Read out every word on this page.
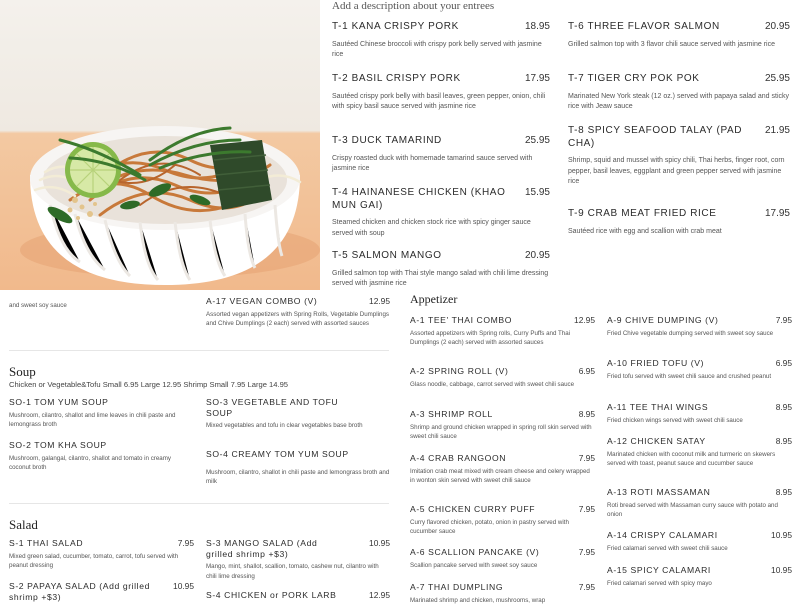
and sweet soy sauce	A-17 VEGAN COMBO (V)	12.95
Assorted vegan appetizers with Spring Rolls, Vegetable Dumplings and Chive Dumplings (2 each) served with assorted sauces
Soup
Chicken or Vegetable&Tofu Small 6.95 Large 12.95 Shrimp Small 7.95 Large 14.95
SO-1 TOM YUM SOUP
Mushroom, cilantro, shallot and lime leaves in chili paste and lemongrass broth
SO-3 VEGETABLE AND TOFU SOUP
Mixed vegetables and tofu in clear vegetables base broth
SO-2 TOM KHA SOUP
Mushroom, galangal, cilantro, shallot and tomato in creamy coconut broth
SO-4 CREAMY TOM YUM SOUP
Mushroom, cilantro, shallot in chili paste and lemongrass broth and milk
Salad
S-1 THAI SALAD	7.95
Mixed green salad, cucumber, tomato, carrot, tofu served with peanut dressing
S-3 MANGO SALAD (Add grilled shrimp +$3)
10.95
Mango, mint, shallot, scallion, tomato, cashew nut, cilantro with chili lime dressing
S-2 PAPAYA SALAD (Add grilled shrimp +$3)
10.95
S-4 CHICKEN or PORK LARB	12.95
Appetizer
A-1 TEE' THAI COMBO	12.95
Assorted appetizers with Spring rolls, Curry Puffs and Thai Dumplings (2 each) served with assorted sauces
A-2 SPRING ROLL (V)	6.95
Glass noodle, cabbage, carrot served with sweet chili sauce
A-3 SHRIMP ROLL	8.95
Shrimp and ground chicken wrapped in spring roll skin served with sweet chili sauce
A-4 CRAB RANGOON	7.95
Imitation crab meat mixed with cream cheese and celery wrapped in wonton skin served with sweet chili sauce
A-5 CHICKEN CURRY PUFF	7.95
Curry flavored chicken, potato, onion in pastry served with cucumber sauce
A-6 SCALLION PANCAKE (V)	7.95
Scallion pancake served with sweet soy sauce
A-7 THAI DUMPLING	7.95
Marinated shrimp and chicken, mushrooms, wrap
A-9 CHIVE DUMPING (V)	7.95
Fried Chive vegetable dumping served with sweet soy sauce
A-10 FRIED TOFU (V)	6.95
Fried tofu served with sweet chili sauce and crushed peanut
A-11 TEE THAI WINGS	8.95
Fried chicken wings served with sweet chili sauce
A-12 CHICKEN SATAY	8.95
Marinated chicken with coconut milk and turmeric on skewers served with toast, peanut sauce and cucumber sauce
A-13 ROTI MASSAMAN	8.95
Roti bread served with Massaman curry sauce with potato and onion
A-14 CRISPY CALAMARI	10.95
Fried calamari served with sweet chili sauce
A-15 SPICY CALAMARI	10.95
Fried calamari served with spicy mayo
Add a description about your entrees
T-1 KANA CRISPY PORK	18.95
Sautéed Chinese broccoli with crispy pork belly served with jasmine rice
T-2 BASIL CRISPY PORK	17.95
Sautéed crispy pork belly with basil leaves, green pepper, onion, chili with spicy basil sauce served with jasmine rice
T-3 DUCK TAMARIND	25.95
Crispy roasted duck with homemade tamarind sauce served with jasmine rice
T-4 HAINANESE CHICKEN (KHAO MUN GAI)
15.95
Steamed chicken and chicken stock rice with spicy ginger sauce served with soup
T-5 SALMON MANGO	20.95
Grilled salmon top with Thai style mango salad with chili lime dressing served with jasmine rice
T-6 THREE FLAVOR SALMON	20.95
Grilled salmon top with 3 flavor chili sauce served with jasmine rice
T-7 TIGER CRY POK POK	25.95
Marinated New York steak (12 oz.) served with papaya salad and sticky rice with Jeaw sauce
T-8 SPICY SEAFOOD TALAY (PAD CHA)
21.95
Shrimp, squid and mussel with spicy chili, Thai herbs, finger root, corn pepper, basil leaves, eggplant and green pepper served with jasmine rice
T-9 CRAB MEAT FRIED RICE	17.95
Sautéed rice with egg and scallion with crab meat
